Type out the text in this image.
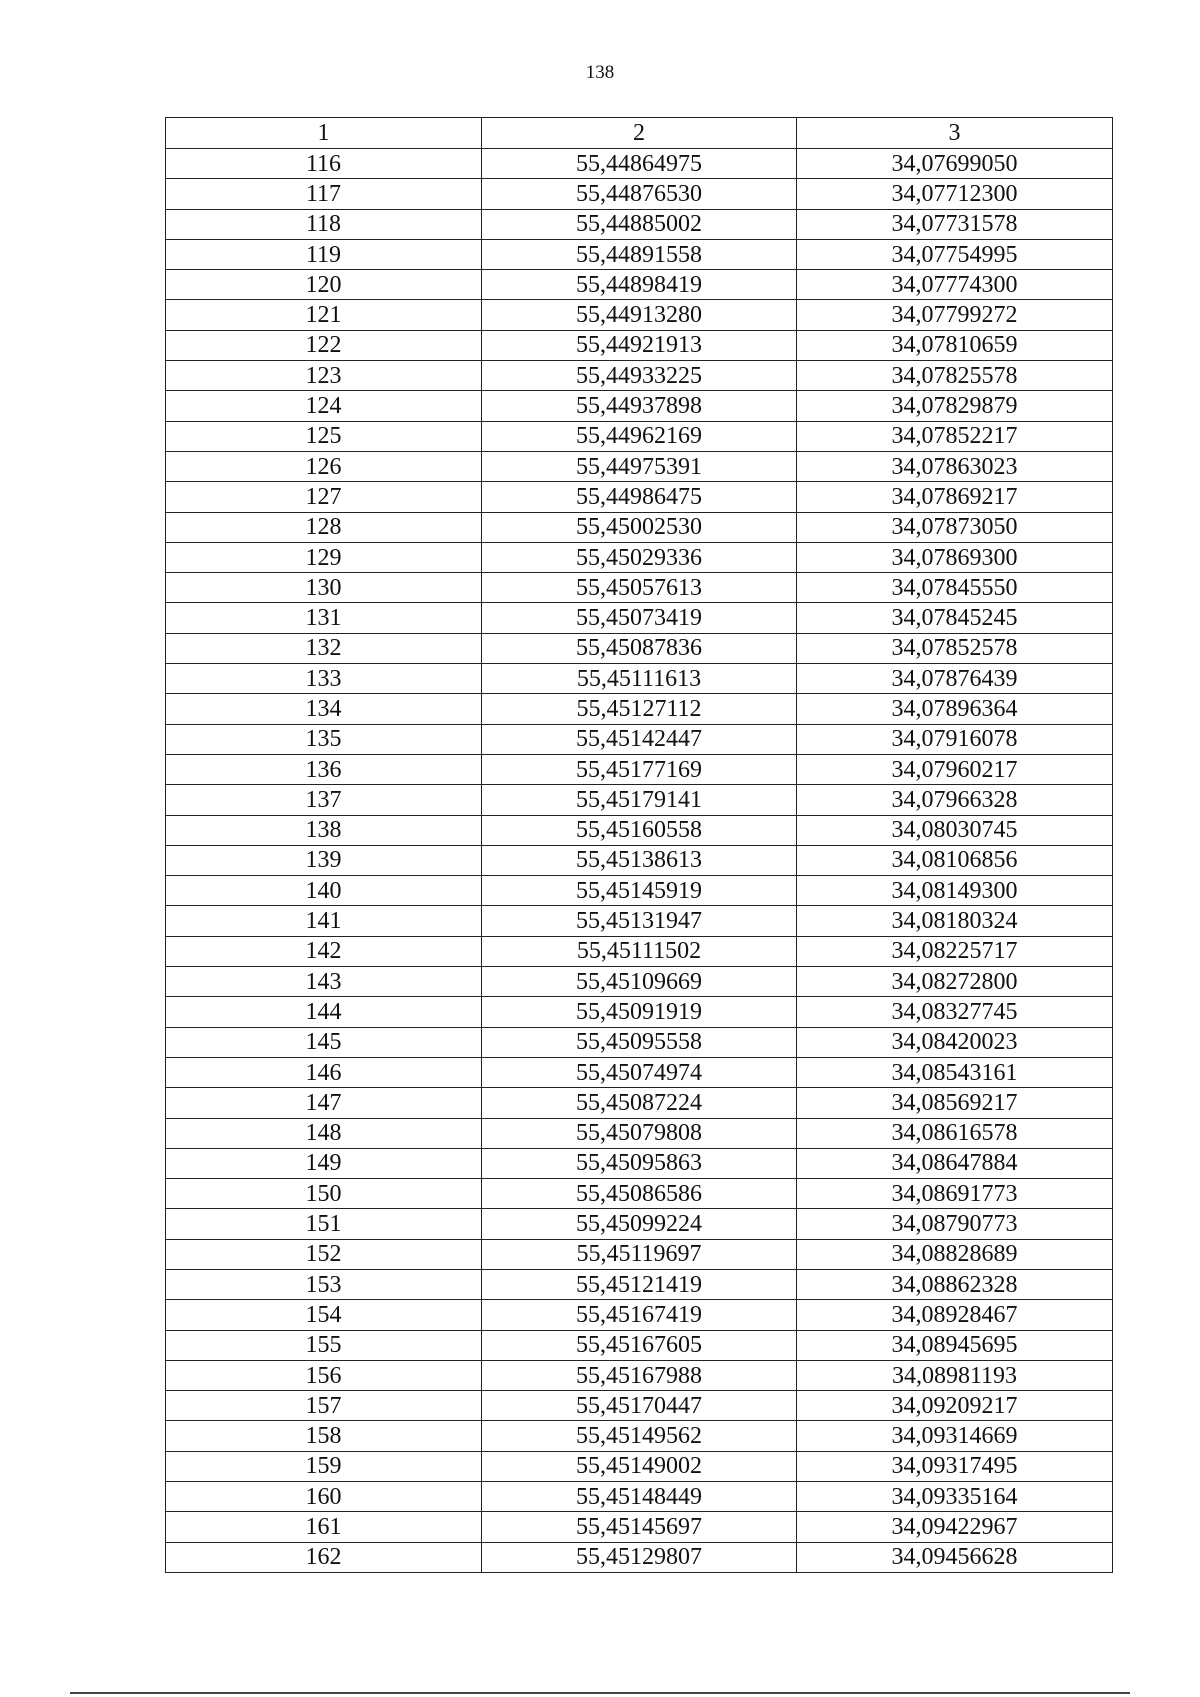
138
1	2	3
116	55,44864975	34,07699050
117	55,44876530	34,07712300
118	55,44885002	34,07731578
119	55,44891558	34,07754995
120	55,44898419	34,07774300
121	55,44913280	34,07799272
122	55,44921913	34,07810659
123	55,44933225	34,07825578
124	55,44937898	34,07829879
125	55,44962169	34,07852217
126	55,44975391	34,07863023
127	55,44986475	34,07869217
128	55,45002530	34,07873050
129	55,45029336	34,07869300
130	55,45057613	34,07845550
131	55,45073419	34,07845245
132	55,45087836	34,07852578
133	55,45111613	34,07876439
134	55,45127112	34,07896364
135	55,45142447	34,07916078
136	55,45177169	34,07960217
137	55,45179141	34,07966328
138	55,45160558	34,08030745
139	55,45138613	34,08106856
140	55,45145919	34,08149300
141	55,45131947	34,08180324
142	55,45111502	34,08225717
143	55,45109669	34,08272800
144	55,45091919	34,08327745
145	55,45095558	34,08420023
146	55,45074974	34,08543161
147	55,45087224	34,08569217
148	55,45079808	34,08616578
149	55,45095863	34,08647884
150	55,45086586	34,08691773
151	55,45099224	34,08790773
152	55,45119697	34,08828689
153	55,45121419	34,08862328
154	55,45167419	34,08928467
155	55,45167605	34,08945695
156	55,45167988	34,08981193
157	55,45170447	34,09209217
158	55,45149562	34,09314669
159	55,45149002	34,09317495
160	55,45148449	34,09335164
161	55,45145697	34,09422967
162	55,45129807	34,09456628
